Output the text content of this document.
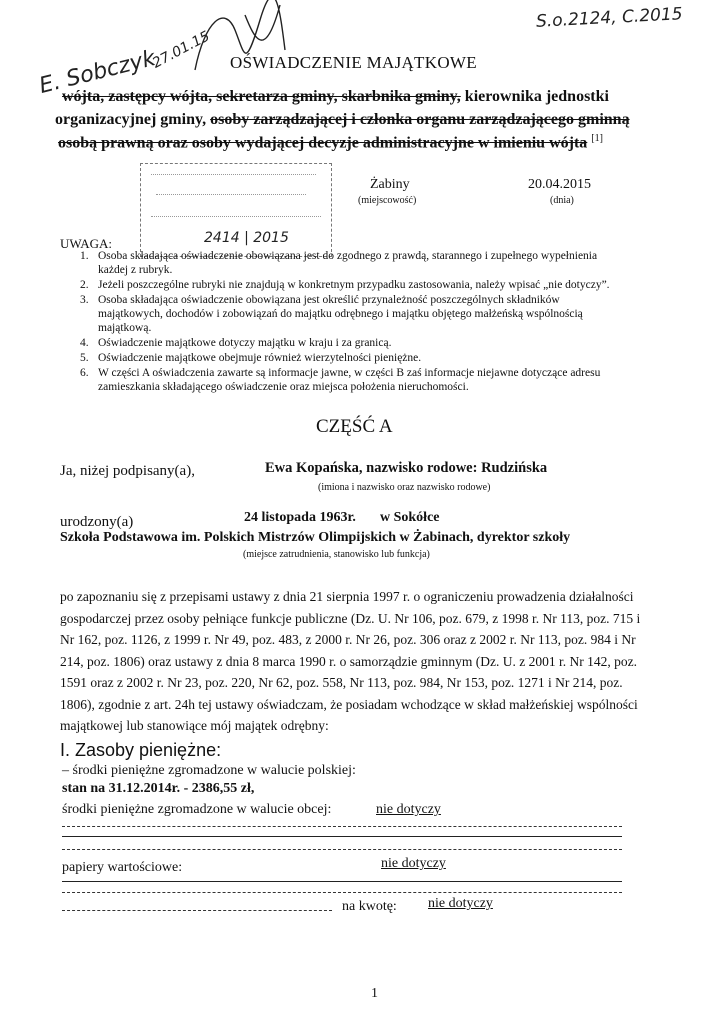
S.o.2124, C.2015
E. Sobczyk
27.01.15 OŚWIADCZENIE MAJĄTKOWE
wójta, zastępcy wójta, sekretarza gminy, skarbnika gminy, kierownika jednostki
organizacyjnej gminy, osoby zarządzającej i członka organu zarządzającego gminną
osobą prawną oraz osoby wydającej decyzje administracyjne w imieniu wójta [1]
2414 | 2015
Żabiny
(miejscowość)
20.04.2015
(dnia)
UWAGA:
1. Osoba składająca oświadczenie obowiązana jest do zgodnego z prawdą, starannego i zupełnego wypełnienia
każdej z rubryk.
2. Jeżeli poszczególne rubryki nie znajdują w konkretnym przypadku zastosowania, należy wpisać „nie dotyczy”.
3. Osoba składająca oświadczenie obowiązana jest określić przynależność poszczególnych składników
majątkowych, dochodów i zobowiązań do majątku odrębnego i majątku objętego małżeńską wspólnością
majątkową.
4. Oświadczenie majątkowe dotyczy majątku w kraju i za granicą.
5. Oświadczenie majątkowe obejmuje również wierzytelności pieniężne.
6. W części A oświadczenia zawarte są informacje jawne, w części B zaś informacje niejawne dotyczące adresu
zamieszkania składającego oświadczenie oraz miejsca położenia nieruchomości.
CZĘŚĆ A
Ja, niżej podpisany(a),	Ewa Kopańska, nazwisko rodowe: Rudzińska
(imiona i nazwisko oraz nazwisko rodowe)
urodzony(a)	24 listopada 1963r. w Sokółce
Szkoła Podstawowa im. Polskich Mistrzów Olimpijskich w Żabinach, dyrektor szkoły
(miejsce zatrudnienia, stanowisko lub funkcja)
po zapoznaniu się z przepisami ustawy z dnia 21 sierpnia 1997 r. o ograniczeniu prowadzenia działalności
gospodarczej przez osoby pełniące funkcje publiczne (Dz. U. Nr 106, poz. 679, z 1998 r. Nr 113, poz. 715 i
Nr 162, poz. 1126, z 1999 r. Nr 49, poz. 483, z 2000 r. Nr 26, poz. 306 oraz z 2002 r. Nr 113, poz. 984 i Nr
214, poz. 1806) oraz ustawy z dnia 8 marca 1990 r. o samorządzie gminnym (Dz. U. z 2001 r. Nr 142, poz.
1591 oraz z 2002 r. Nr 23, poz. 220, Nr 62, poz. 558, Nr 113, poz. 984, Nr 153, poz. 1271 i Nr 214, poz.
1806), zgodnie z art. 24h tej ustawy oświadczam, że posiadam wchodzące w skład małżeńskiej wspólności
majątkowej lub stanowiące mój majątek odrębny:
I. Zasoby pieniężne:
– środki pieniężne zgromadzone w walucie polskiej:
stan na 31.12.2014r. - 2386,55 zł,
środki pieniężne zgromadzone w walucie obcej:	nie dotyczy
papiery wartościowe:	nie dotyczy
na kwotę: nie dotyczy
1
